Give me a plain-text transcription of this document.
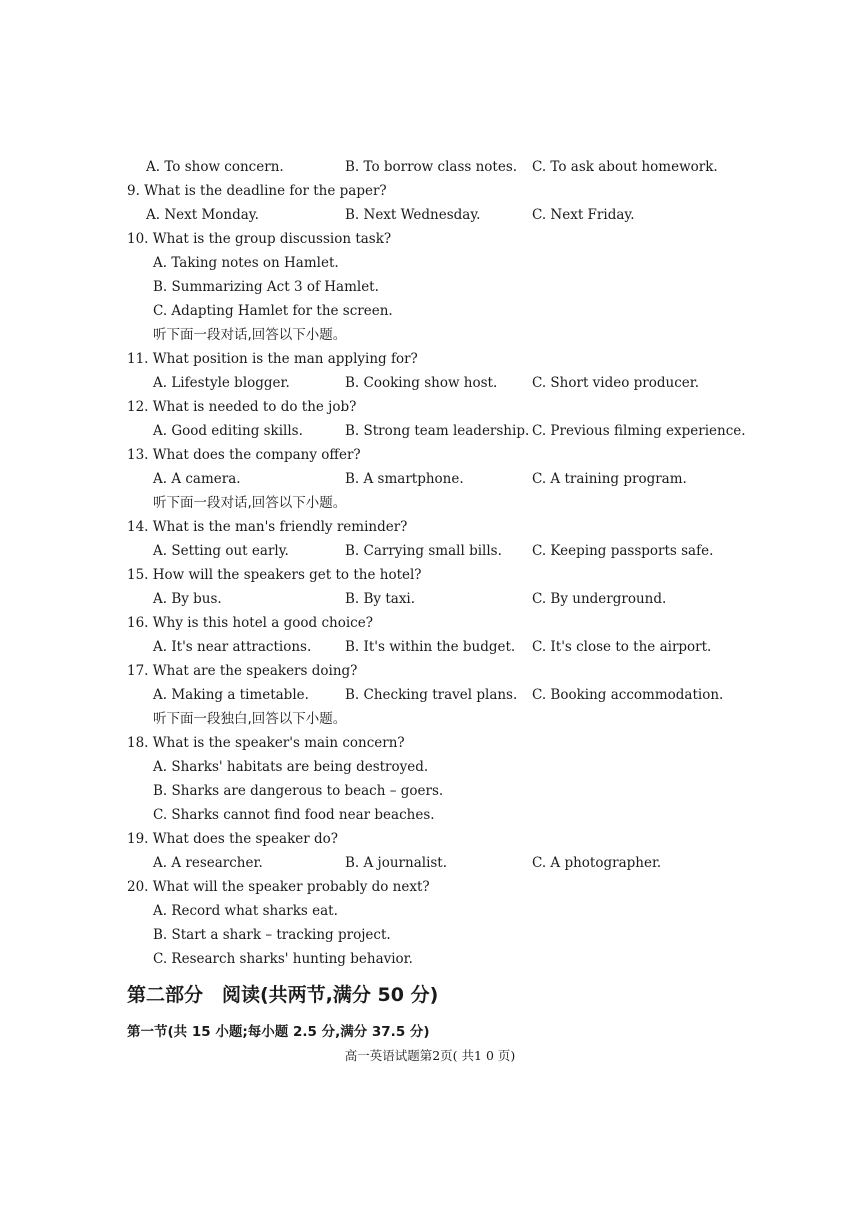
A. To show concern.	B. To borrow class notes. C. To ask about homework.
9. What is the deadline for the paper?
A. Next Monday.	B. Next Wednesday.	C. Next Friday.
10. What is the group discussion task?
A. Taking notes on Hamlet.
B. Summarizing Act 3 of Hamlet.
C. Adapting Hamlet for the screen.
听下面一段对话,回答以下小题。
11. What position is the man applying for?
A. Lifestyle blogger.	B. Cooking show host.	C. Short video producer.
12. What is needed to do the job?
A. Good editing skills.	B. Strong team leadership. C. Previous filming experience.
13. What does the company offer?
A. A camera.	B. A smartphone.	C. A training program.
听下面一段对话,回答以下小题。
14. What is the man's friendly reminder?
A. Setting out early.	B. Carrying small bills. C. Keeping passports safe.
15. How will the speakers get to the hotel?
A. By bus.	B. By taxi.	C. By underground.
16. Why is this hotel a good choice?
A. It's near attractions.	B. It's within the budget. C. It's close to the airport.
17. What are the speakers doing?
A. Making a timetable.	B. Checking travel plans. C. Booking accommodation.
听下面一段独白,回答以下小题。
18. What is the speaker's main concern?
A. Sharks' habitats are being destroyed.
B. Sharks are dangerous to beach – goers.
C. Sharks cannot find food near beaches.
19. What does the speaker do?
A. A researcher.	B. A journalist.	C. A photographer.
20. What will the speaker probably do next?
A. Record what sharks eat.
B. Start a shark – tracking project.
C. Research sharks' hunting behavior.
第二部分　阅读(共两节,满分 50 分)
第一节(共 15 小题;每小题 2.5 分,满分 37.5 分)
高一英语试题第2页( 共1 0 页)
